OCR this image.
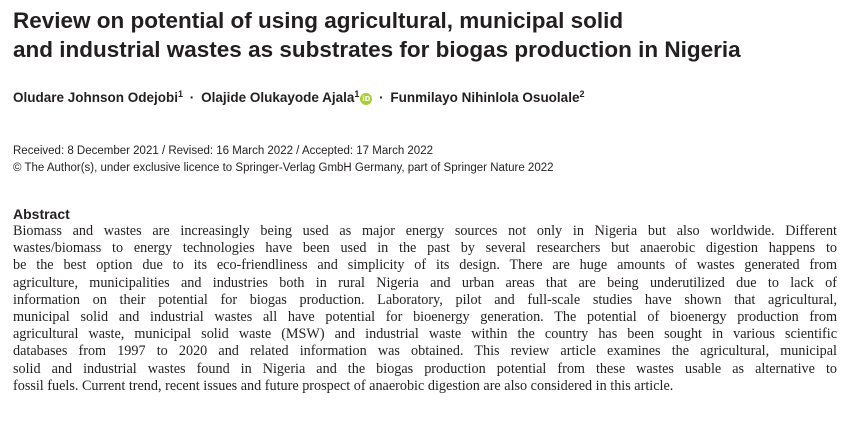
Review on potential of using agricultural, municipal solid
and industrial wastes as substrates for biogas production in Nigeria
Oludare Johnson Odejobi$^1$ · Olajide Olukayode Ajala$^1$ iD · Funmilayo Nihinlola Osuolale$^2$
Received: 8 December 2021 / Revised: 16 March 2022 / Accepted: 17 March 2022
© The Author(s), under exclusive licence to Springer-Verlag GmbH Germany, part of Springer Nature 2022
Abstract
Biomass and wastes are increasingly being used as major energy sources not only in Nigeria but also worldwide. Different
wastes/biomass to energy technologies have been used in the past by several researchers but anaerobic digestion happens to
be the best option due to its eco-friendliness and simplicity of its design. There are huge amounts of wastes generated from
agriculture, municipalities and industries both in rural Nigeria and urban areas that are being underutilized due to lack of
information on their potential for biogas production. Laboratory, pilot and full-scale studies have shown that agricultural,
municipal solid and industrial wastes all have potential for bioenergy generation. The potential of bioenergy production from
agricultural waste, municipal solid waste (MSW) and industrial waste within the country has been sought in various scientific
databases from 1997 to 2020 and related information was obtained. This review article examines the agricultural, municipal
solid and industrial wastes found in Nigeria and the biogas production potential from these wastes usable as alternative to
fossil fuels. Current trend, recent issues and future prospect of anaerobic digestion are also considered in this article.
